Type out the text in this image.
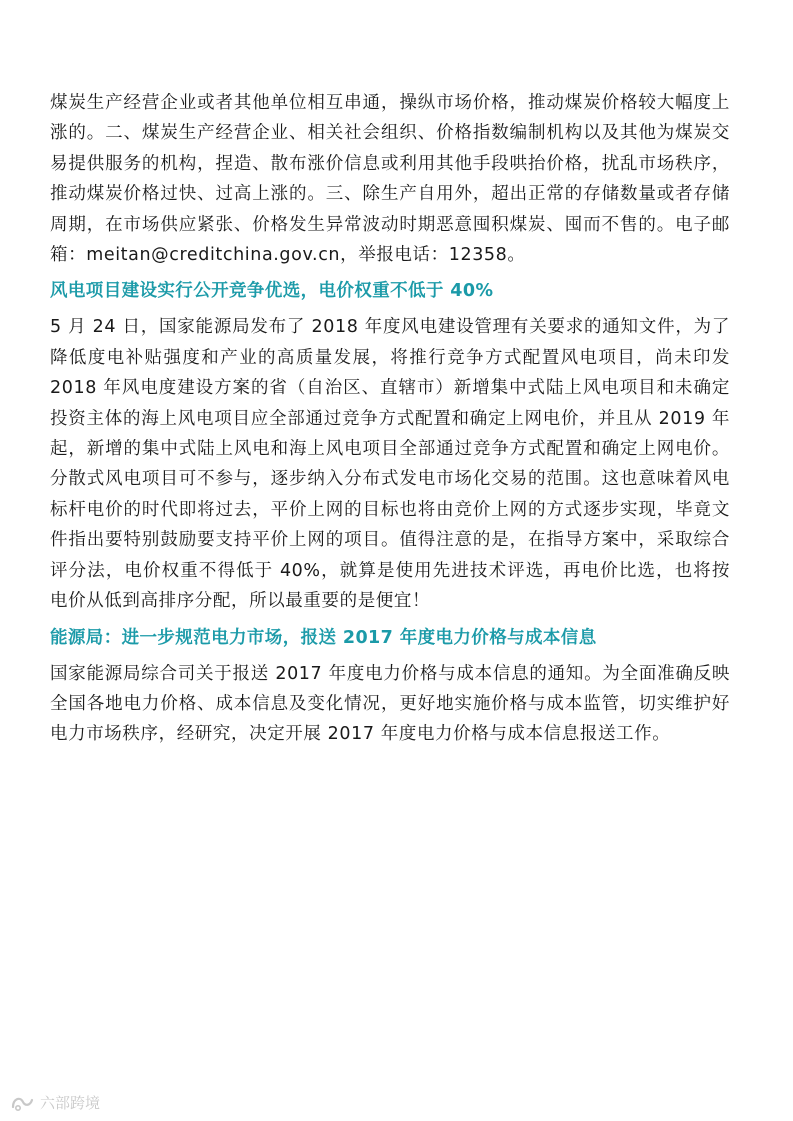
煤炭生产经营企业或者其他单位相互串通，操纵市场价格，推动煤炭价格较大幅度上涨的。二、煤炭生产经营企业、相关社会组织、价格指数编制机构以及其他为煤炭交易提供服务的机构，捏造、散布涨价信息或利用其他手段哄抬价格，扰乱市场秩序，推动煤炭价格过快、过高上涨的。三、除生产自用外，超出正常的存储数量或者存储周期，在市场供应紧张、价格发生异常波动时期恶意囤积煤炭、囤而不售的。电子邮箱：meitan@creditchina.gov.cn，举报电话：12358。

风电项目建设实行公开竞争优选，电价权重不低于 40%

5 月 24 日，国家能源局发布了 2018 年度风电建设管理有关要求的通知文件，为了降低度电补贴强度和产业的高质量发展，将推行竞争方式配置风电项目，尚未印发 2018 年风电度建设方案的省（自治区、直辖市）新增集中式陆上风电项目和未确定投资主体的海上风电项目应全部通过竞争方式配置和确定上网电价，并且从 2019 年起，新增的集中式陆上风电和海上风电项目全部通过竞争方式配置和确定上网电价。分散式风电项目可不参与，逐步纳入分布式发电市场化交易的范围。这也意味着风电标杆电价的时代即将过去，平价上网的目标也将由竞价上网的方式逐步实现，毕竟文件指出要特别鼓励要支持平价上网的项目。值得注意的是，在指导方案中，采取综合评分法，电价权重不得低于 40%，就算是使用先进技术评选，再电价比选，也将按电价从低到高排序分配，所以最重要的是便宜！

能源局：进一步规范电力市场，报送 2017 年度电力价格与成本信息

国家能源局综合司关于报送 2017 年度电力价格与成本信息的通知。为全面准确反映全国各地电力价格、成本信息及变化情况，更好地实施价格与成本监管，切实维护好电力市场秩序，经研究，决定开展 2017 年度电力价格与成本信息报送工作。

六部跨境
